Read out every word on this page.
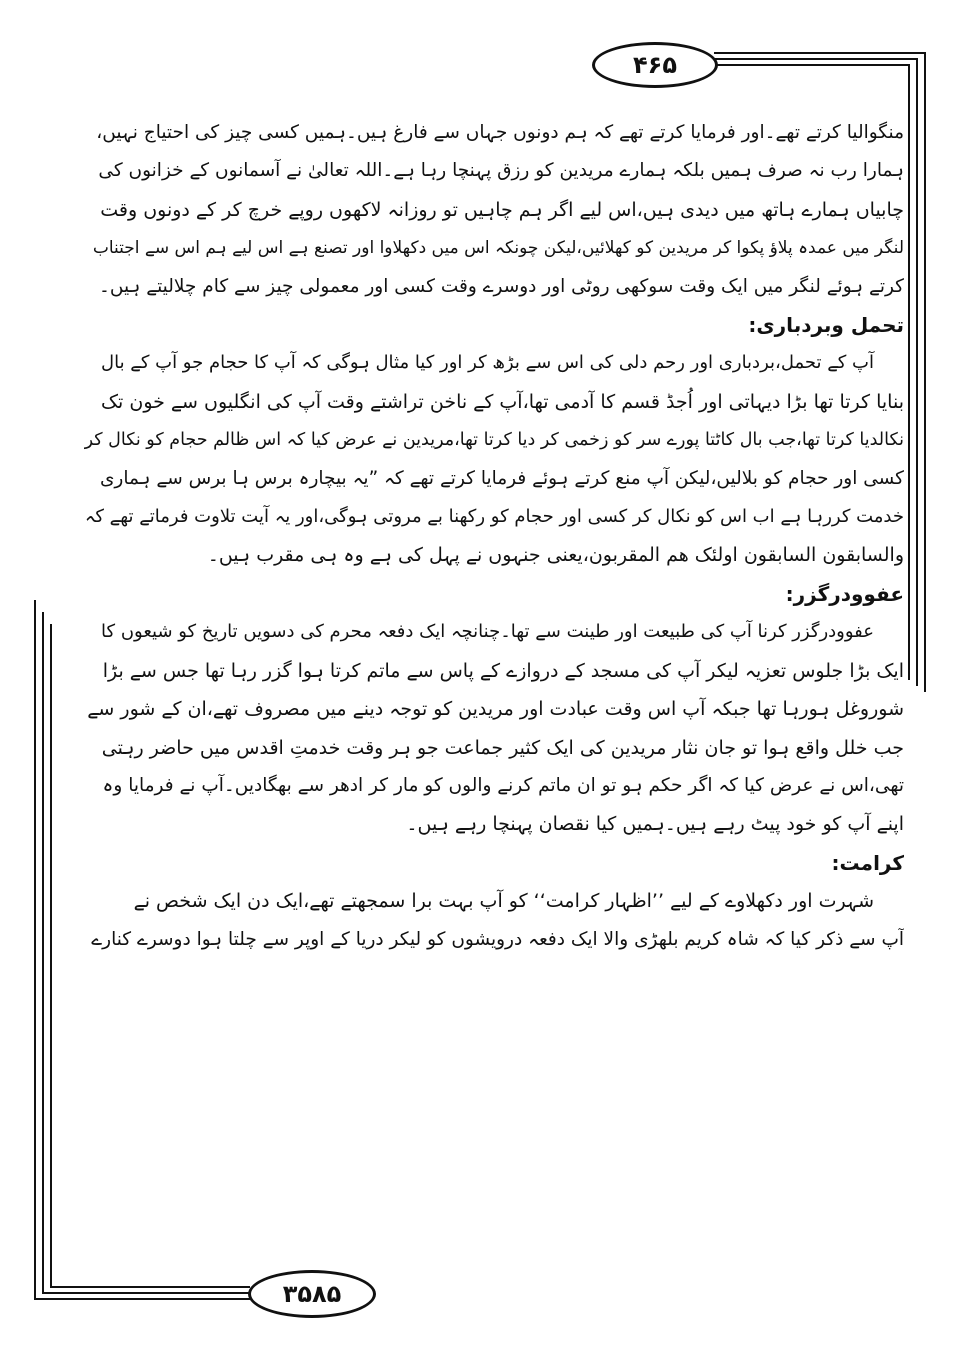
۴۶۵
۳۵۸۵
منگوالیا کرتے تھے۔اور فرمایا کرتے تھے کہ ہم دونوں جہاں سے فارغ ہیں۔ہمیں کسی چیز کی احتیاج نہیں،
ہمارا رب نہ صرف ہمیں بلکہ ہمارے مریدین کو رزق پہنچا رہا ہے۔اللہ تعالیٰ نے آسمانوں کے خزانوں کی
چابیاں ہمارے ہاتھ میں دیدی ہیں،اس لیے اگر ہم چاہیں تو روزانہ لاکھوں روپے خرچ کر کے دونوں وقت
لنگر میں عمدہ پلاؤ پکوا کر مریدین کو کھلائیں،لیکن چونکہ اس میں دکھلاوا اور تصنع ہے اس لیے ہم اس سے اجتناب
کرتے ہوئے لنگر میں ایک وقت سوکھی روٹی اور دوسرے وقت کسی اور معمولی چیز سے کام چلالیتے ہیں۔

تحمل وبردباری:

آپ کے تحمل،بردباری اور رحم دلی کی اس سے بڑھ کر اور کیا مثال ہوگی کہ آپ کا حجام جو آپ کے بال
بنایا کرتا تھا بڑا دیہاتی اور اُجڈ قسم کا آدمی تھا،آپ کے ناخن تراشتے وقت آپ کی انگلیوں سے خون تک
نکالدیا کرتا تھا،جب بال کاٹتا پورے سر کو زخمی کر دیا کرتا تھا،مریدین نے عرض کیا کہ اس ظالم حجام کو نکال کر
کسی اور حجام کو بلالیں،لیکن آپ منع کرتے ہوئے فرمایا کرتے تھے کہ ”یہ بیچارہ برس ہا برس سے ہماری
خدمت کررہا ہے اب اس کو نکال کر کسی اور حجام کو رکھنا بے مروتی ہوگی،اور یہ آیت تلاوت فرماتے تھے کہ
والسابقون السابقون اولئک هم المقربون،یعنی جنہوں نے پہل کی ہے وہ ہی مقرب ہیں۔

عفوودرگزر:

عفوودرگزر کرنا آپ کی طبیعت اور طینت سے تھا۔چنانچہ ایک دفعہ محرم کی دسویں تاریخ کو شیعوں کا
ایک بڑا جلوس تعزیہ لیکر آپ کی مسجد کے دروازے کے پاس سے ماتم کرتا ہوا گزر رہا تھا جس سے بڑا
شوروغل ہورہا تھا جبکہ آپ اس وقت عبادت اور مریدین کو توجہ دینے میں مصروف تھے،ان کے شور سے
جب خلل واقع ہوا تو جان نثار مریدین کی ایک کثیر جماعت جو ہر وقت خدمتِ اقدس میں حاضر رہتی
تھی،اس نے عرض کیا کہ اگر حکم ہو تو ان ماتم کرنے والوں کو مار کر ادھر سے بھگادیں۔آپ نے فرمایا وہ
اپنے آپ کو خود پیٹ رہے ہیں۔ہمیں کیا نقصان پہنچا رہے ہیں۔

کرامت:

شہرت اور دکھلاوے کے لیے ’’اظہار کرامت‘‘ کو آپ بہت برا سمجھتے تھے،ایک دن ایک شخص نے
آپ سے ذکر کیا کہ شاہ کریم بلھڑی والا ایک دفعہ درویشوں کو لیکر دریا کے اوپر سے چلتا ہوا دوسرے کنارے
